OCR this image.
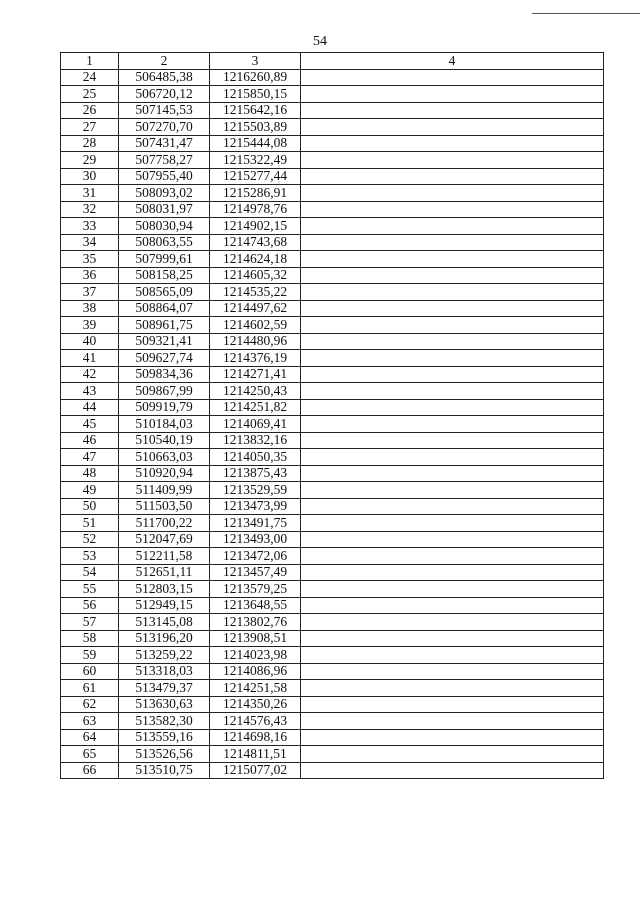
54
1	2	3	4
24	506485,38	1216260,89	
25	506720,12	1215850,15	
26	507145,53	1215642,16	
27	507270,70	1215503,89	
28	507431,47	1215444,08	
29	507758,27	1215322,49	
30	507955,40	1215277,44	
31	508093,02	1215286,91	
32	508031,97	1214978,76	
33	508030,94	1214902,15	
34	508063,55	1214743,68	
35	507999,61	1214624,18	
36	508158,25	1214605,32	
37	508565,09	1214535,22	
38	508864,07	1214497,62	
39	508961,75	1214602,59	
40	509321,41	1214480,96	
41	509627,74	1214376,19	
42	509834,36	1214271,41	
43	509867,99	1214250,43	
44	509919,79	1214251,82	
45	510184,03	1214069,41	
46	510540,19	1213832,16	
47	510663,03	1214050,35	
48	510920,94	1213875,43	
49	511409,99	1213529,59	
50	511503,50	1213473,99	
51	511700,22	1213491,75	
52	512047,69	1213493,00	
53	512211,58	1213472,06	
54	512651,11	1213457,49	
55	512803,15	1213579,25	
56	512949,15	1213648,55	
57	513145,08	1213802,76	
58	513196,20	1213908,51	
59	513259,22	1214023,98	
60	513318,03	1214086,96	
61	513479,37	1214251,58	
62	513630,63	1214350,26	
63	513582,30	1214576,43	
64	513559,16	1214698,16	
65	513526,56	1214811,51	
66	513510,75	1215077,02	
